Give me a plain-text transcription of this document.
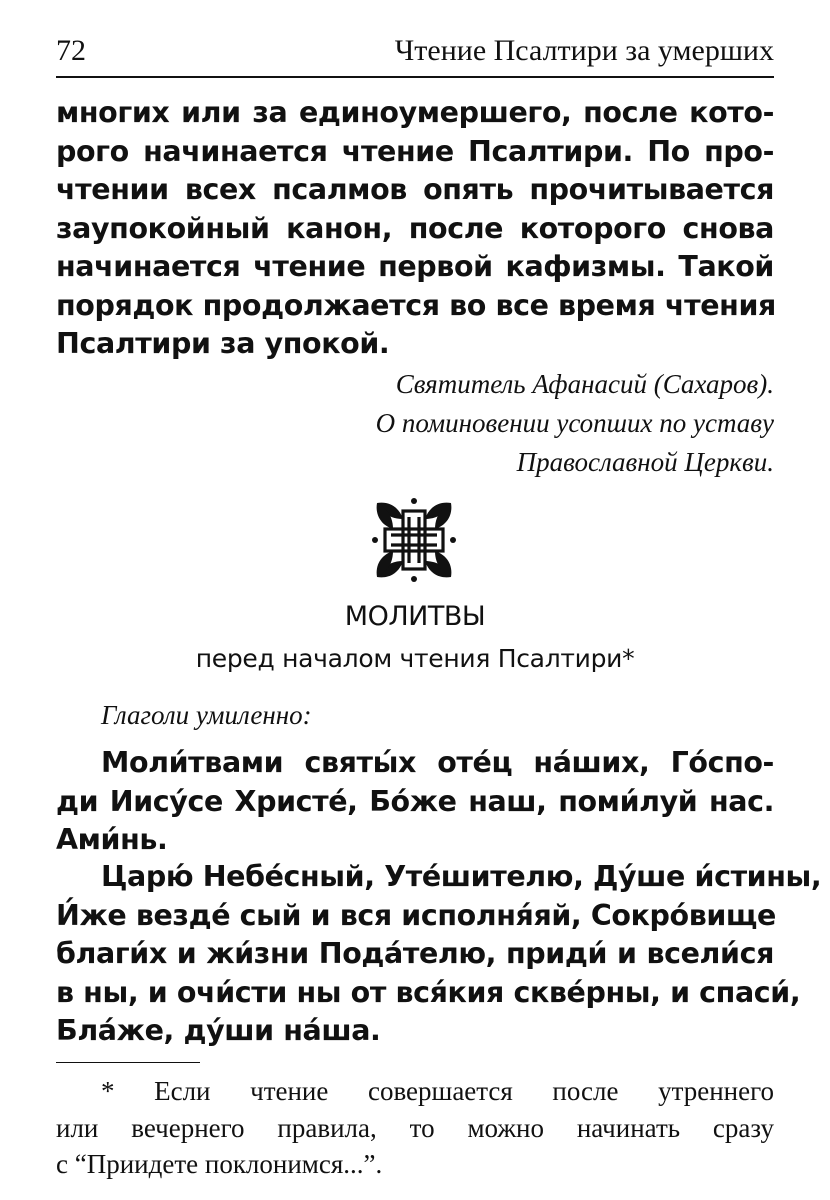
72	Чтение Псалтири за умерших

многих или за единоумершего, после кото-
рого начинается чтение Псалтири. По про-
чтении всех псалмов опять прочитывается
заупокойный канон, после которого снова
начинается чтение первой кафизмы. Такой
порядок продолжается во все время чтения
Псалтири за упокой.

Святитель Афанасий (Сахаров).
О поминовении усопших по уставу
Православной Церкви.

МОЛИТВЫ

перед началом чтения Псалтири*

Глаголи умиленно:

Моли́твами святы́х оте́ц на́ших, Го́спо-
ди Иису́се Христе́, Бо́же наш, поми́луй нас.
Ами́нь.

Царю́ Небе́сный, Уте́шителю, Ду́ше и́стины,
И́же везде́ сый и вся исполня́яй, Сокро́вище
благи́х и жи́зни Пода́телю, приди́ и всели́ся
в ны, и очи́сти ны от вся́кия скве́рны, и спаси́,
Бла́же, ду́ши на́ша.

* Если чтение совершается после утреннего
или вечернего правила, то можно начинать сразу
с “Приидете поклонимся...”.
